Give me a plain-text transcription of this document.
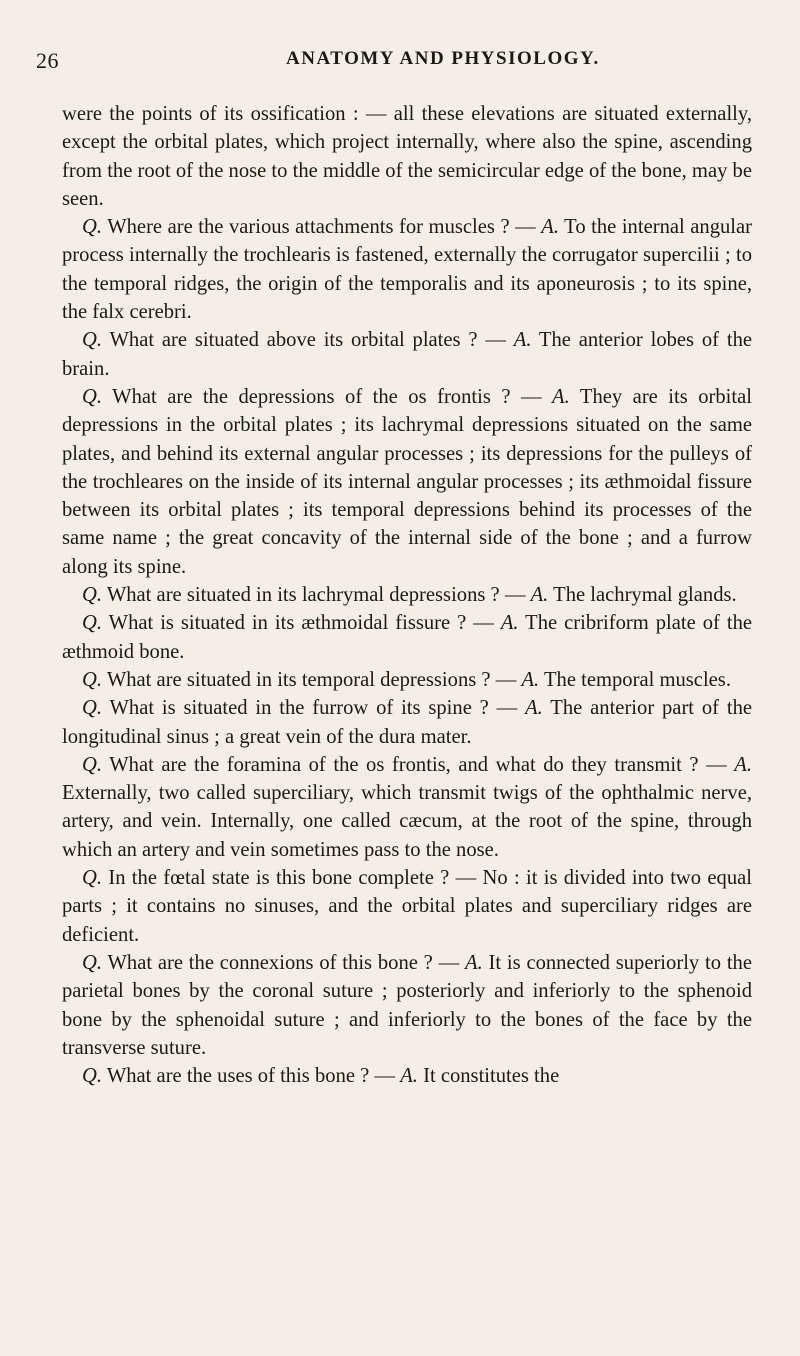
26	ANATOMY AND PHYSIOLOGY.

were the points of its ossification : — all these elevations are situated externally, except the orbital plates, which project internally, where also the spine, ascending from the root of the nose to the middle of the semicircular edge of the bone, may be seen.

Q. Where are the various attachments for muscles ? — A. To the internal angular process internally the trochlearis is fastened, externally the corrugator supercilii ; to the temporal ridges, the origin of the temporalis and its aponeurosis ; to its spine, the falx cerebri.

Q. What are situated above its orbital plates ? — A. The anterior lobes of the brain.

Q. What are the depressions of the os frontis ? — A. They are its orbital depressions in the orbital plates ; its lachrymal depressions situated on the same plates, and behind its external angular processes ; its depressions for the pulleys of the trochleares on the inside of its internal angular processes ; its æthmoidal fissure between its orbital plates ; its temporal depressions behind its processes of the same name ; the great concavity of the internal side of the bone ; and a furrow along its spine.

Q. What are situated in its lachrymal depressions ? — A. The lachrymal glands.

Q. What is situated in its æthmoidal fissure ? — A. The cribriform plate of the æthmoid bone.

Q. What are situated in its temporal depressions ? — A. The temporal muscles.

Q. What is situated in the furrow of its spine ? — A. The anterior part of the longitudinal sinus ; a great vein of the dura mater.

Q. What are the foramina of the os frontis, and what do they transmit ? — A. Externally, two called superciliary, which transmit twigs of the ophthalmic nerve, artery, and vein. Internally, one called cæcum, at the root of the spine, through which an artery and vein sometimes pass to the nose.

Q. In the fœtal state is this bone complete ? — No : it is divided into two equal parts ; it contains no sinuses, and the orbital plates and superciliary ridges are deficient.

Q. What are the connexions of this bone ? — A. It is connected superiorly to the parietal bones by the coronal suture ; posteriorly and inferiorly to the sphenoid bone by the sphenoidal suture ; and inferiorly to the bones of the face by the transverse suture.

Q. What are the uses of this bone ? — A. It constitutes the
